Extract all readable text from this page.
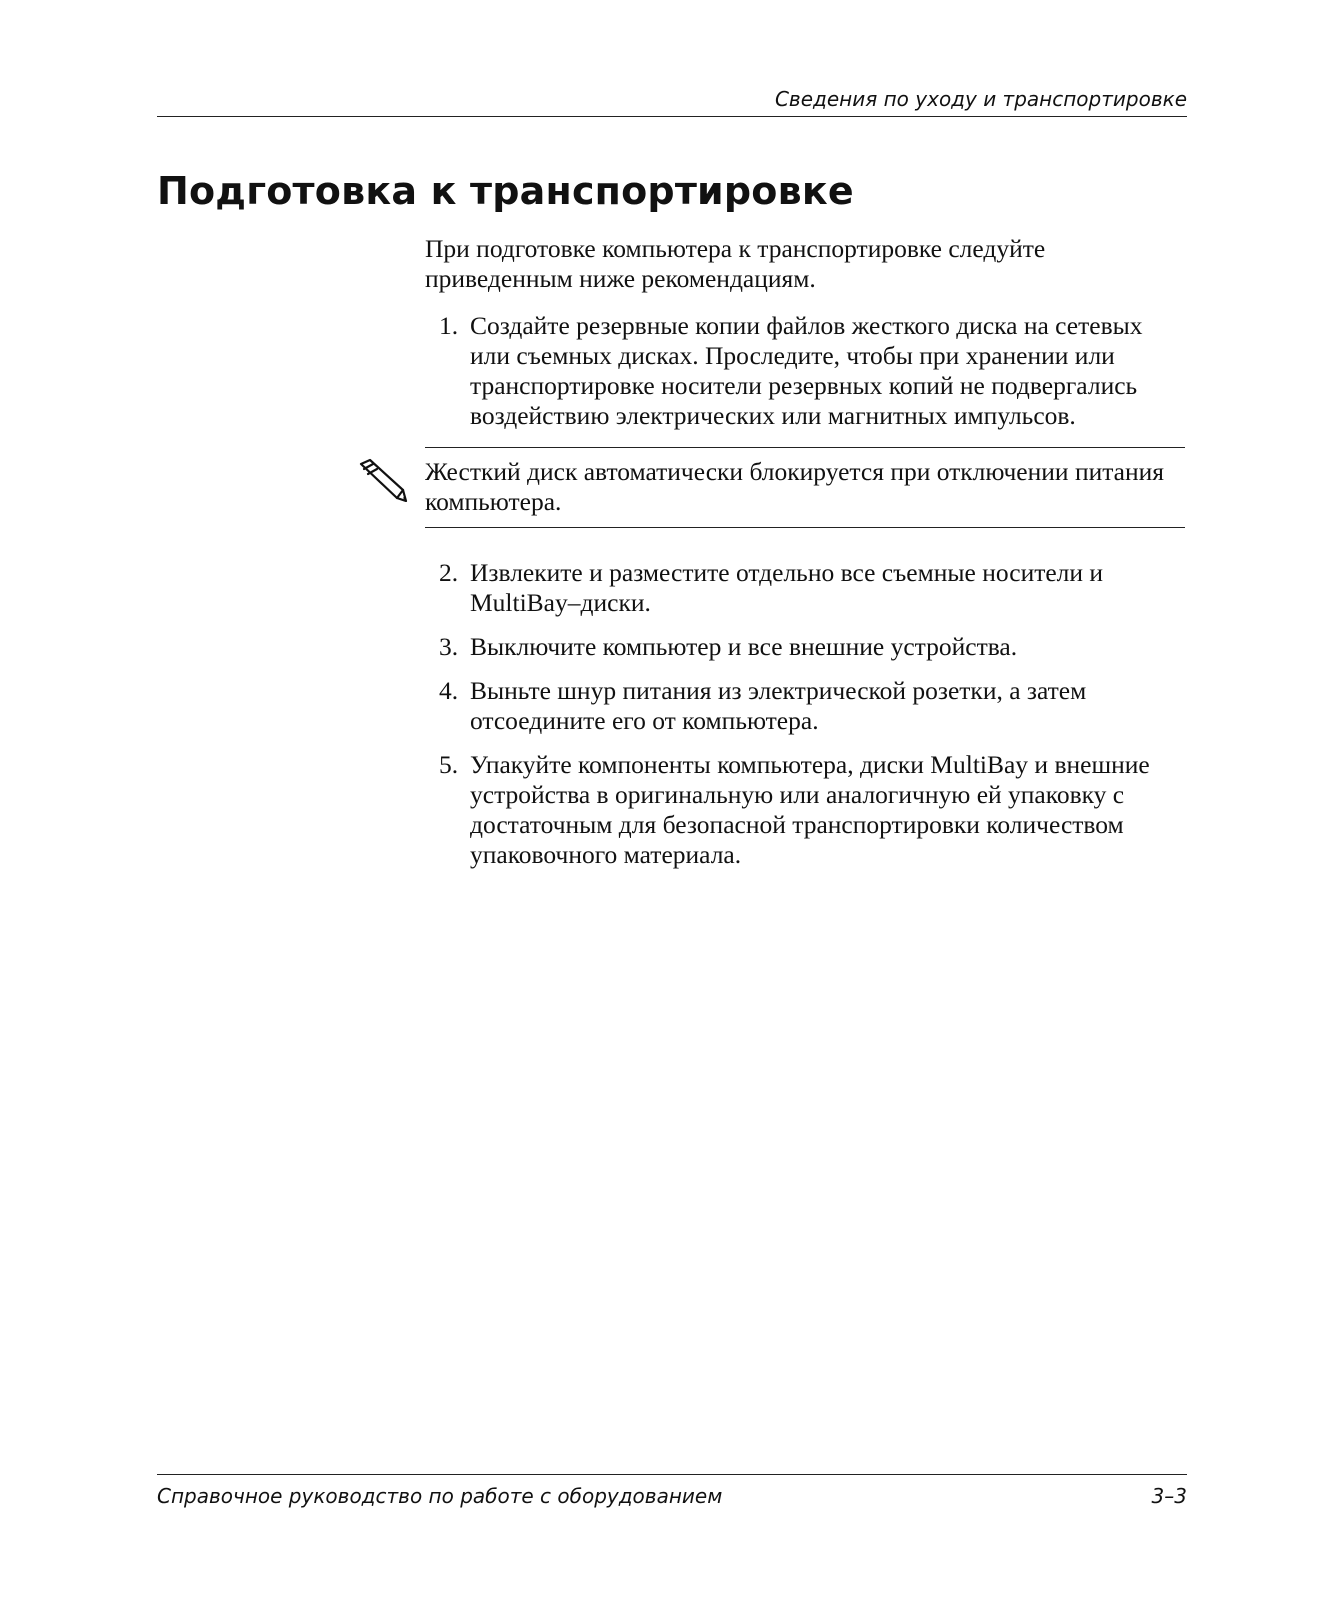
Сведения по уходу и транспортировке
Подготовка к транспортировке

При подготовке компьютера к транспортировке следуйте приведенным ниже рекомендациям.

1. Создайте резервные копии файлов жесткого диска на сетевых или съемных дисках. Проследите, чтобы при хранении или транспортировке носители резервных копий не подвергались воздействию электрических или магнитных импульсов.
Жесткий диск автоматически блокируется при отключении питания компьютера.
2. Извлеките и разместите отдельно все съемные носители и MultiBay–диски.
3. Выключите компьютер и все внешние устройства.
4. Выньте шнур питания из электрической розетки, а затем отсоедините его от компьютера.
5. Упакуйте компоненты компьютера, диски MultiBay и внешние устройства в оригинальную или аналогичную ей упаковку с достаточным для безопасной транспортировки количеством упаковочного материала.
Справочное руководство по работе с оборудованием	3–3
